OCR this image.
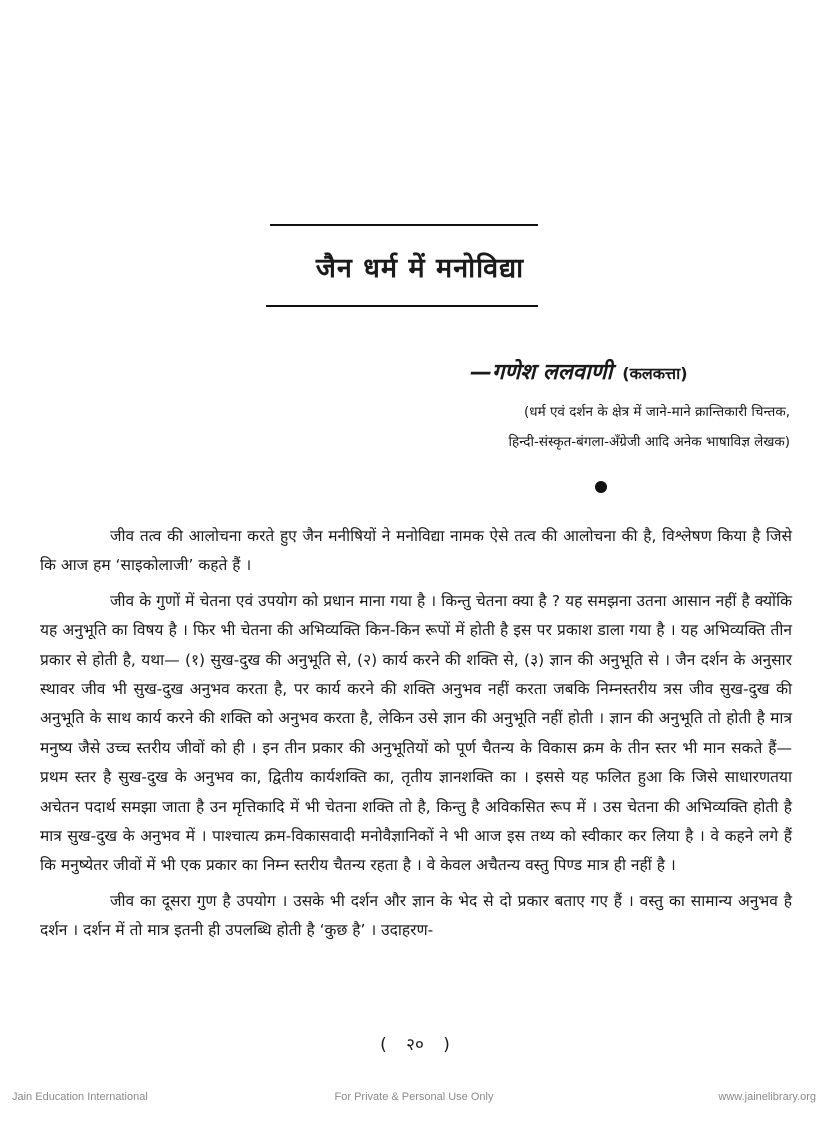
जैन धर्म में मनोविद्या
—गणेश ललवाणी (कलकत्ता)
(धर्म एवं दर्शन के क्षेत्र में जाने-माने क्रान्तिकारी चिन्तक,
हिन्दी-संस्कृत-बंगला-अँग्रेजी आदि अनेक भाषाविज्ञ लेखक)

जीव तत्व की आलोचना करते हुए जैन मनीषियों ने मनोविद्या नामक ऐसे तत्व की आलोचना की है, विश्लेषण किया है जिसे कि आज हम ‘साइकोलाजी’ कहते हैं ।

जीव के गुणों में चेतना एवं उपयोग को प्रधान माना गया है । किन्तु चेतना क्या है ? यह समझना उतना आसान नहीं है क्योंकि यह अनुभूति का विषय है । फिर भी चेतना की अभिव्यक्ति किन-किन रूपों में होती है इस पर प्रकाश डाला गया है । यह अभिव्यक्ति तीन प्रकार से होती है, यथा— (१) सुख-दुख की अनुभूति से, (२) कार्य करने की शक्ति से, (३) ज्ञान की अनुभूति से । जैन दर्शन के अनुसार स्थावर जीव भी सुख-दुख अनुभव करता है, पर कार्य करने की शक्ति अनुभव नहीं करता जबकि निम्नस्तरीय त्रस जीव सुख-दुख की अनुभूति के साथ कार्य करने की शक्ति को अनुभव करता है, लेकिन उसे ज्ञान की अनुभूति नहीं होती । ज्ञान की अनुभूति तो होती है मात्र मनुष्य जैसे उच्च स्तरीय जीवों को ही । इन तीन प्रकार की अनुभूतियों को पूर्ण चैतन्य के विकास क्रम के तीन स्तर भी मान सकते हैं— प्रथम स्तर है सुख-दुख के अनुभव का, द्वितीय कार्यशक्ति का, तृतीय ज्ञानशक्ति का । इससे यह फलित हुआ कि जिसे साधारणतया अचेतन पदार्थ समझा जाता है उन मृत्तिकादि में भी चेतना शक्ति तो है, किन्तु है अविकसित रूप में । उस चेतना की अभिव्यक्ति होती है मात्र सुख-दुख के अनुभव में । पाश्चात्य क्रम-विकासवादी मनोवैज्ञानिकों ने भी आज इस तथ्य को स्वीकार कर लिया है । वे कहने लगे हैं कि मनुष्येतर जीवों में भी एक प्रकार का निम्न स्तरीय चैतन्य रहता है । वे केवल अचैतन्य वस्तु पिण्ड मात्र ही नहीं है ।

जीव का दूसरा गुण है उपयोग । उसके भी दर्शन और ज्ञान के भेद से दो प्रकार बताए गए हैं । वस्तु का सामान्य अनुभव है दर्शन । दर्शन में तो मात्र इतनी ही उपलब्धि होती है ‘कुछ है’ । उदाहरण-

( २० )
Jain Education International	For Private & Personal Use Only	www.jainelibrary.org
